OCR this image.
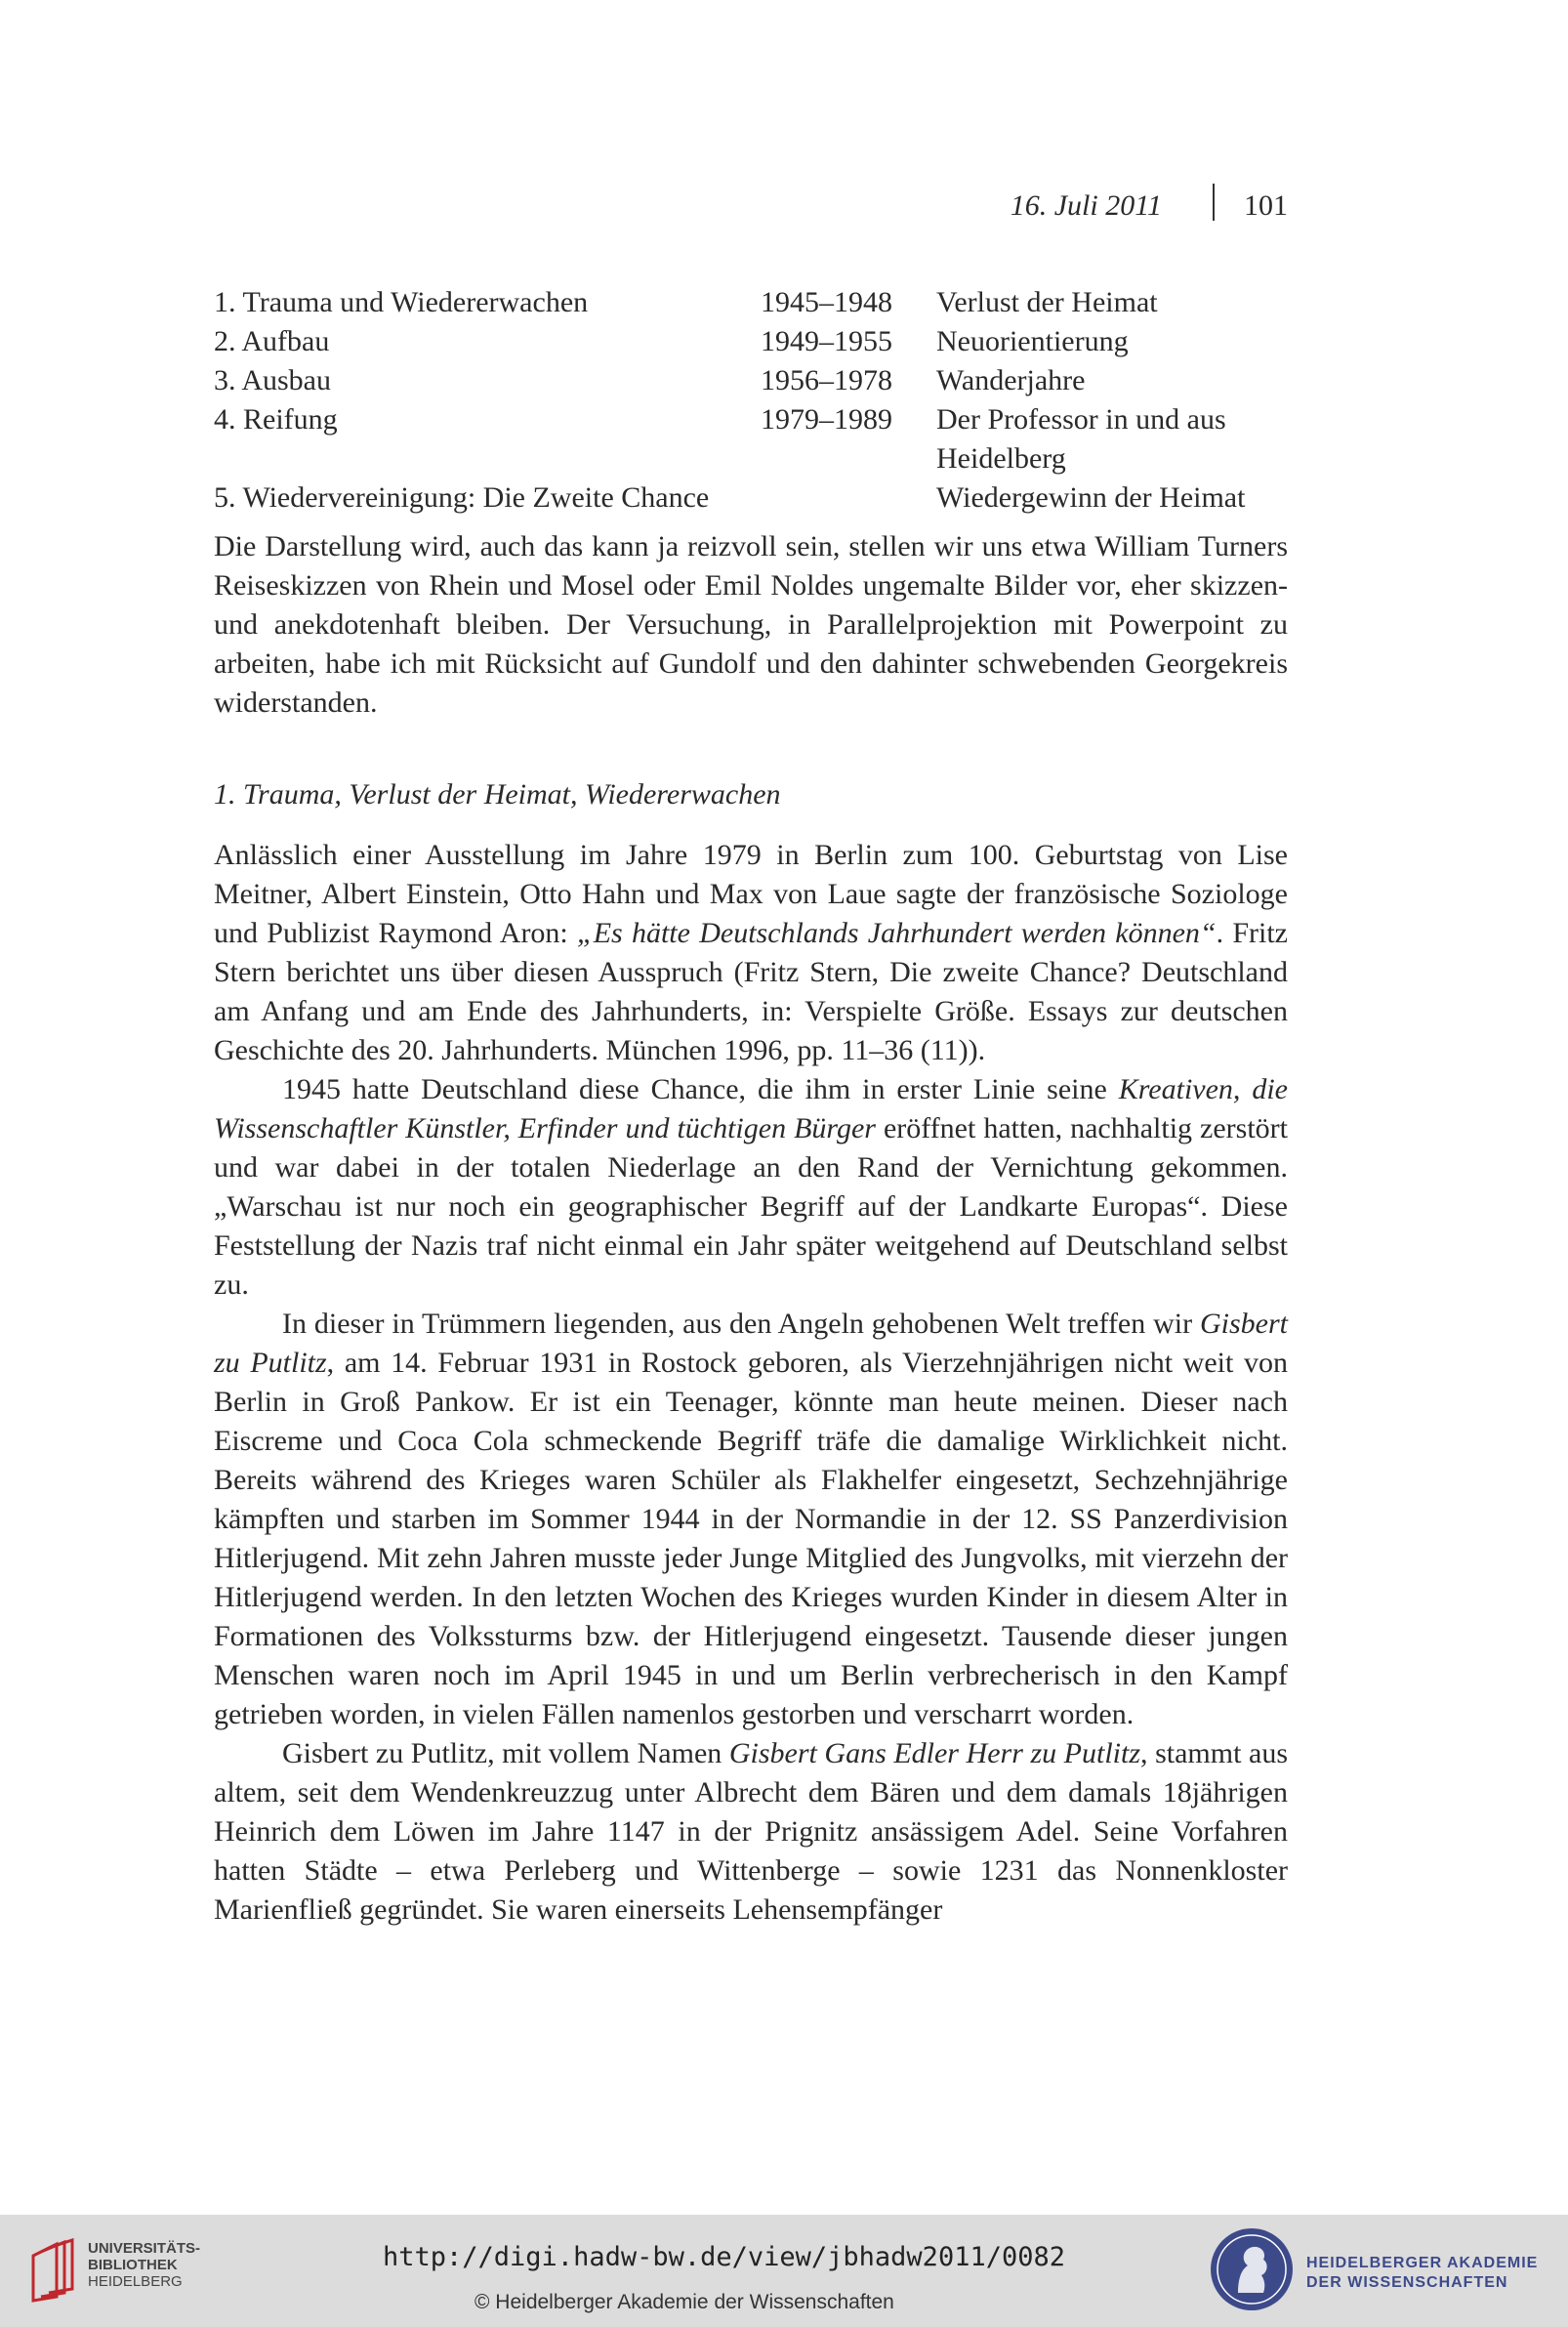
16. Juli 2011	101
1. Trauma und Wiedererwachen	1945–1948	Verlust der Heimat
2. Aufbau	1949–1955	Neuorientierung
3. Ausbau	1956–1978	Wanderjahre
4. Reifung	1979–1989	Der Professor in und aus Heidelberg
5. Wiedervereinigung: Die Zweite Chance		Wiedergewinn der Heimat

Die Darstellung wird, auch das kann ja reizvoll sein, stellen wir uns etwa William Turners Reiseskizzen von Rhein und Mosel oder Emil Noldes ungemalte Bilder vor, eher skizzen- und anekdotenhaft bleiben. Der Versuchung, in Parallelprojektion mit Powerpoint zu arbeiten, habe ich mit Rücksicht auf Gundolf und den dahinter schwebenden Georgekreis widerstanden.

1. Trauma, Verlust der Heimat, Wiedererwachen

Anlässlich einer Ausstellung im Jahre 1979 in Berlin zum 100. Geburtstag von Lise Meitner, Albert Einstein, Otto Hahn und Max von Laue sagte der französische Soziologe und Publizist Raymond Aron: „Es hätte Deutschlands Jahrhundert werden können“. Fritz Stern berichtet uns über diesen Ausspruch (Fritz Stern, Die zweite Chance? Deutschland am Anfang und am Ende des Jahrhunderts, in: Verspielte Größe. Essays zur deutschen Geschichte des 20. Jahrhunderts. München 1996, pp. 11–36 (11)).

1945 hatte Deutschland diese Chance, die ihm in erster Linie seine Kreativen, die Wissenschaftler Künstler, Erfinder und tüchtigen Bürger eröffnet hatten, nachhaltig zerstört und war dabei in der totalen Niederlage an den Rand der Vernichtung gekommen. „Warschau ist nur noch ein geographischer Begriff auf der Landkarte Europas“. Diese Feststellung der Nazis traf nicht einmal ein Jahr später weitgehend auf Deutschland selbst zu.

In dieser in Trümmern liegenden, aus den Angeln gehobenen Welt treffen wir Gisbert zu Putlitz, am 14. Februar 1931 in Rostock geboren, als Vierzehnjährigen nicht weit von Berlin in Groß Pankow. Er ist ein Teenager, könnte man heute meinen. Dieser nach Eiscreme und Coca Cola schmeckende Begriff träfe die damalige Wirklichkeit nicht. Bereits während des Krieges waren Schüler als Flakhelfer eingesetzt, Sechzehnjährige kämpften und starben im Sommer 1944 in der Normandie in der 12. SS Panzerdivision Hitlerjugend. Mit zehn Jahren musste jeder Junge Mitglied des Jungvolks, mit vierzehn der Hitlerjugend werden. In den letzten Wochen des Krieges wurden Kinder in diesem Alter in Formationen des Volkssturms bzw. der Hitlerjugend eingesetzt. Tausende dieser jungen Menschen waren noch im April 1945 in und um Berlin verbrecherisch in den Kampf getrieben worden, in vielen Fällen namenlos gestorben und verscharrt worden.

Gisbert zu Putlitz, mit vollem Namen Gisbert Gans Edler Herr zu Putlitz, stammt aus altem, seit dem Wendenkreuzzug unter Albrecht dem Bären und dem damals 18jährigen Heinrich dem Löwen im Jahre 1147 in der Prignitz ansässigem Adel. Seine Vorfahren hatten Städte – etwa Perleberg und Wittenberge – sowie 1231 das Nonnenkloster Marienfließ gegründet. Sie waren einerseits Lehensempfänger

UNIVERSITÄTS-
BIBLIOTHEK
HEIDELBERG
http://digi.hadw-bw.de/view/jbhadw2011/0082
© Heidelberger Akademie der Wissenschaften
HEIDELBERGER AKADEMIE
DER WISSENSCHAFTEN
